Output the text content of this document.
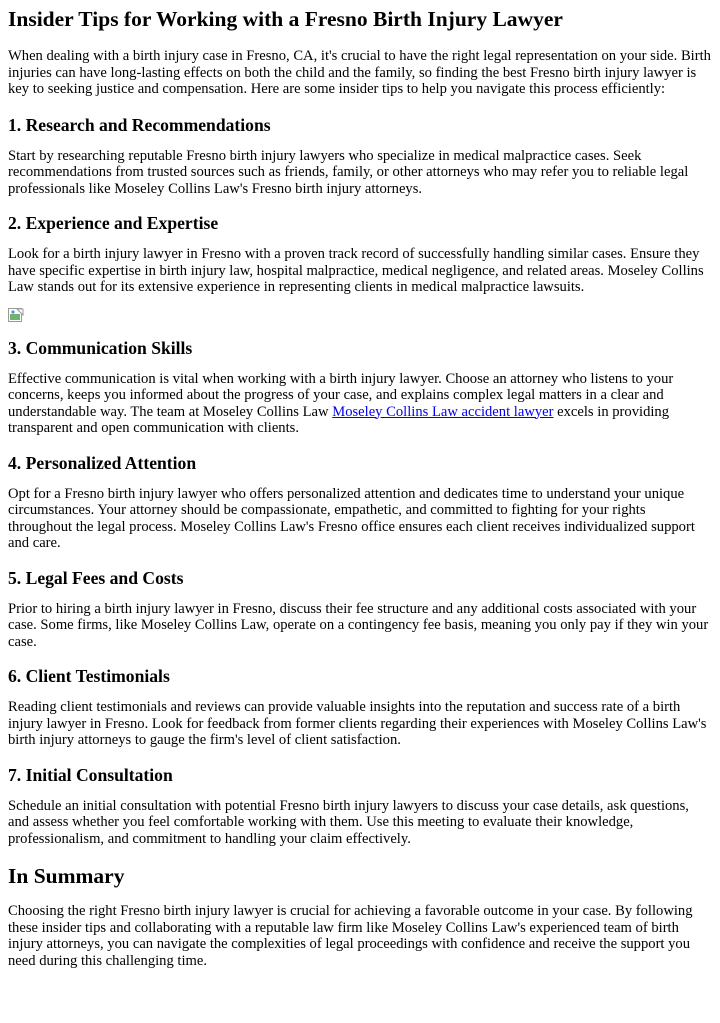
Insider Tips for Working with a Fresno Birth Injury Lawyer

When dealing with a birth injury case in Fresno, CA, it's crucial to have the right legal representation on your side. Birth injuries can have long-lasting effects on both the child and the family, so finding the best Fresno birth injury lawyer is key to seeking justice and compensation. Here are some insider tips to help you navigate this process efficiently:

1. Research and Recommendations

Start by researching reputable Fresno birth injury lawyers who specialize in medical malpractice cases. Seek recommendations from trusted sources such as friends, family, or other attorneys who may refer you to reliable legal professionals like Moseley Collins Law's Fresno birth injury attorneys.

2. Experience and Expertise

Look for a birth injury lawyer in Fresno with a proven track record of successfully handling similar cases. Ensure they have specific expertise in birth injury law, hospital malpractice, medical negligence, and related areas. Moseley Collins Law stands out for its extensive experience in representing clients in medical malpractice lawsuits.

3. Communication Skills

Effective communication is vital when working with a birth injury lawyer. Choose an attorney who listens to your concerns, keeps you informed about the progress of your case, and explains complex legal matters in a clear and understandable way. The team at Moseley Collins Law Moseley Collins Law accident lawyer excels in providing transparent and open communication with clients.

4. Personalized Attention

Opt for a Fresno birth injury lawyer who offers personalized attention and dedicates time to understand your unique circumstances. Your attorney should be compassionate, empathetic, and committed to fighting for your rights throughout the legal process. Moseley Collins Law's Fresno office ensures each client receives individualized support and care.

5. Legal Fees and Costs

Prior to hiring a birth injury lawyer in Fresno, discuss their fee structure and any additional costs associated with your case. Some firms, like Moseley Collins Law, operate on a contingency fee basis, meaning you only pay if they win your case.

6. Client Testimonials

Reading client testimonials and reviews can provide valuable insights into the reputation and success rate of a birth injury lawyer in Fresno. Look for feedback from former clients regarding their experiences with Moseley Collins Law's birth injury attorneys to gauge the firm's level of client satisfaction.

7. Initial Consultation

Schedule an initial consultation with potential Fresno birth injury lawyers to discuss your case details, ask questions, and assess whether you feel comfortable working with them. Use this meeting to evaluate their knowledge, professionalism, and commitment to handling your claim effectively.

In Summary

Choosing the right Fresno birth injury lawyer is crucial for achieving a favorable outcome in your case. By following these insider tips and collaborating with a reputable law firm like Moseley Collins Law's experienced team of birth injury attorneys, you can navigate the complexities of legal proceedings with confidence and receive the support you need during this challenging time.
